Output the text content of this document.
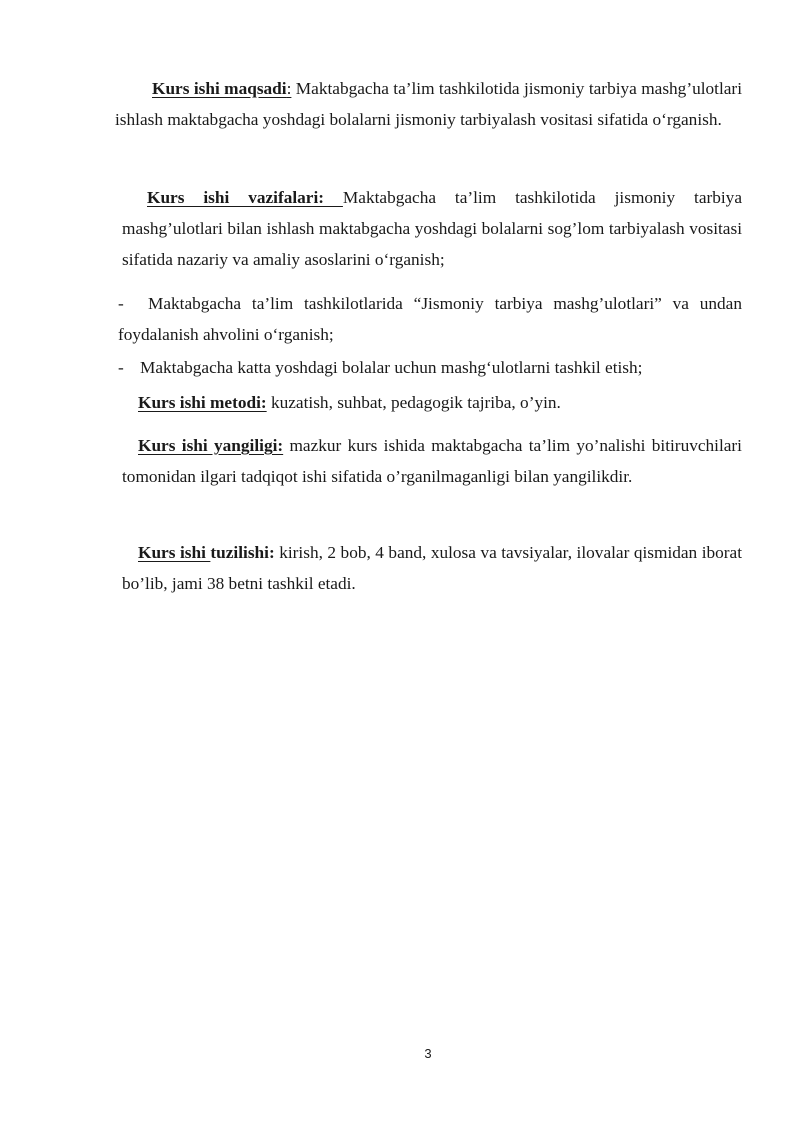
Kurs ishi maqsadi: Maktabgacha ta’lim tashkilotida jismoniy tarbiya mashg’ulotlari ishlash maktabgacha yoshdagi bolalarni jismoniy tarbiyalash vositasi sifatida o‘rganish.

Kurs ishi vazifalari: Maktabgacha ta’lim tashkilotida jismoniy tarbiya mashg’ulotlari bilan ishlash maktabgacha yoshdagi bolalarni sog’lom tarbiyalash vositasi sifatida nazariy va amaliy asoslarini o‘rganish;

- Maktabgacha ta’lim tashkilotlarida “Jismoniy tarbiya mashg’ulotlari” va undan foydalanish ahvolini o‘rganish;

- Maktabgacha katta yoshdagi bolalar uchun mashg‘ulotlarni tashkil etish;

Kurs ishi metodi: kuzatish, suhbat, pedagogik tajriba, o’yin.

Kurs ishi yangiligi: mazkur kurs ishida maktabgacha ta’lim yo’nalishi bitiruvchilari tomonidan ilgari tadqiqot ishi sifatida o’rganilmaganligi bilan yangilikdir.

Kurs ishi tuzilishi: kirish, 2 bob, 4 band, xulosa va tavsiyalar, ilovalar qismidan iborat bo’lib, jami 38 betni tashkil etadi.

3
